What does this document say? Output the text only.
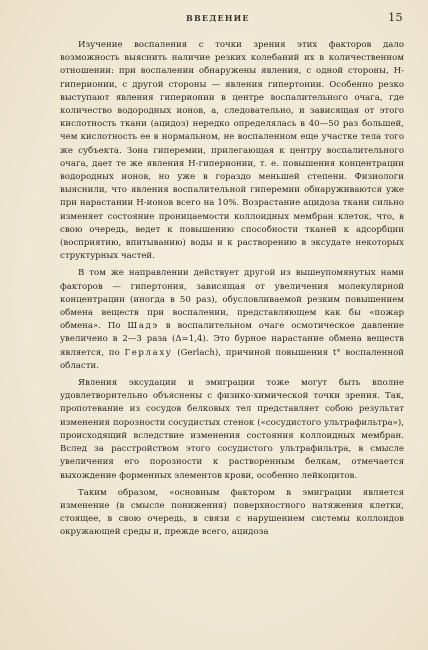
ВВЕДЕНИЕ	15

Изучение воспаления с точки зрения этих факторов дало возможность выяснить наличие резких колебаний их в количественном отношении: при воспалении обнаружены явления, с одной стороны, H-гиперионии, с другой стороны — явления гипертонии. Особенно резко выступают явления гиперионии в центре воспалительного очага, где количество водородных ионов, а, следовательно, и зависящая от этого кислотность ткани (ацидоз) нередко определялась в 40—50 раз большей, чем кислотность ее в нормальном, не воспаленном еще участке тела того же субъекта. Зона гиперемии, прилегающая к центру воспалительного очага, дает те же явления H-гиперионии, т. е. повышения концентрации водородных ионов, но уже в гораздо меньшей степени. Физиологи выяснили, что явления воспалительной гиперемии обнаруживаются уже при нарастании H-ионов всего на 10%. Возрастание ацидоза ткани сильно изменяет состояние проницаемости коллоидных мембран клеток, что, в свою очередь, ведет к повышению способности тканей к адсорбции (восприятию, впитыванию) воды и к растворению в эксудате некоторых структурных частей.

В том же направлении действует другой из вышеупомянутых нами факторов — гипертония, зависящая от увеличения молекулярной концентрации (иногда в 50 раз), обусловливаемой резким повышением обмена веществ при воспалении, представляющем как бы «пожар обмена». По Шадэ в воспалительном очаге осмотическое давление увеличено в 2—3 раза (Δ=1,4). Это бурное нарастание обмена веществ является, по Герлаху (Gerlach), причиной повышения t° воспаленной области.

Явления эксудации и эмиграции тоже могут быть вполне удовлетворительно объяснены с физико-химической точки зрения. Так, пропотевание из сосудов белковых тел представляет собою результат изменения порозности сосудистых стенок («сосудистого ультрафильтра»), происходящий вследствие изменения состояния коллоидных мембран. Вслед за расстройством этого сосудистого ультрафильтра, в смысле увеличения его порозности к растворенным белкам, отмечается выхождение форменных элементов крови, особенно лейкоцитов.

Таким образом, «основным фактором в эмиграции является изменение (в смысле понижения) поверхностного натяжения клетки, стоящее, в свою очередь, в связи с нарушением системы коллоидов окружающей среды и, прежде всего, ацидоза
